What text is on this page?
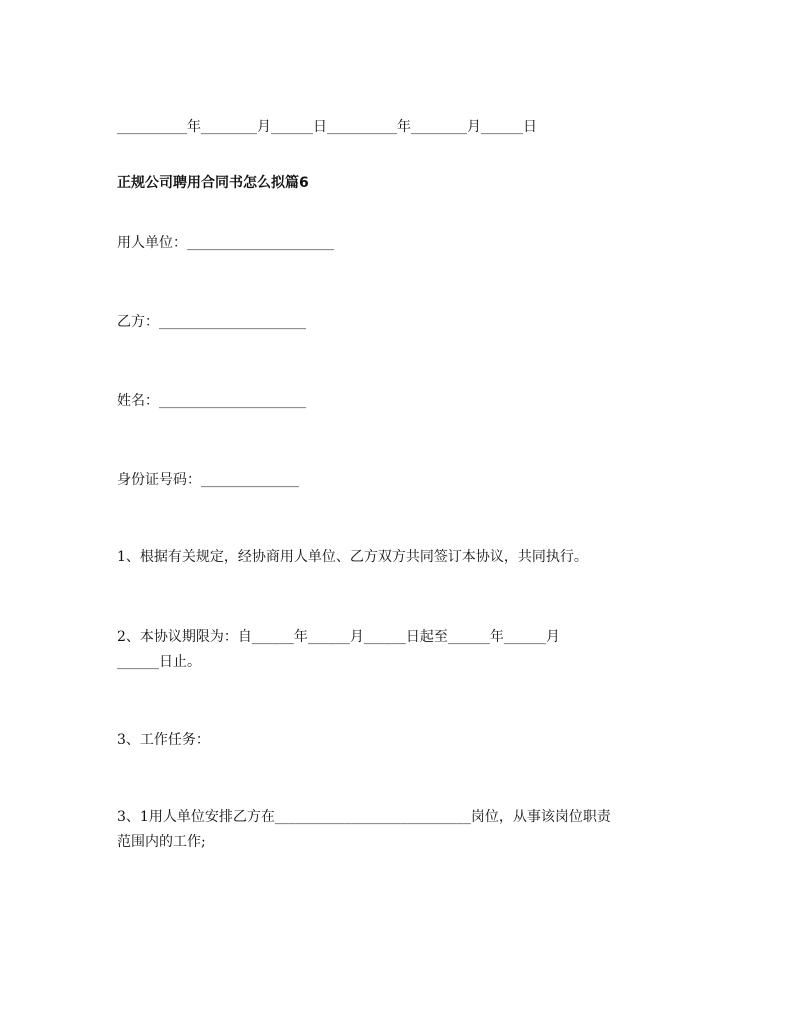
__________年________月______日__________年________月______日
正规公司聘用合同书怎么拟篇6
用人单位：_____________________
乙方：_____________________
姓名：_____________________
身份证号码：______________
1、根据有关规定，经协商用人单位、乙方双方共同签订本协议，共同执行。
2、本协议期限为：自______年______月______日起至______年______月
______日止。
3、工作任务：
3、1用人单位安排乙方在____________________________岗位，从事该岗位职责
范围内的工作;
